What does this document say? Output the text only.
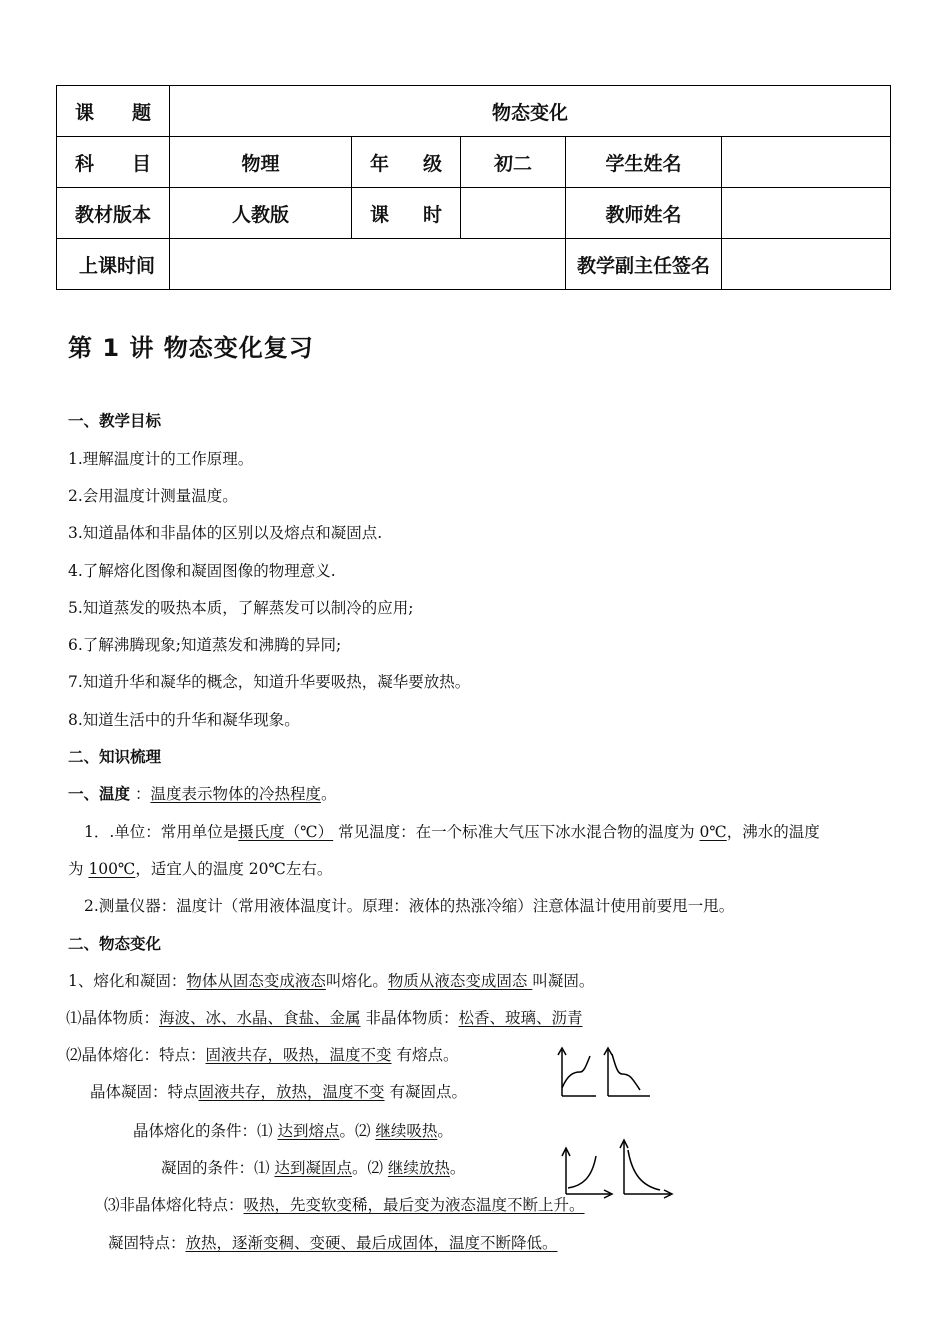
课 题	物态变化				
科 目	物理	年 级	初二	学生姓名	
教材版本	人教版	课 时		教师姓名	
上课时间				教学副主任签名	
第 1 讲 物态变化复习
一、教学目标
1.理解温度计的工作原理。
2.会用温度计测量温度。
3.知道晶体和非晶体的区别以及熔点和凝固点.
4.了解熔化图像和凝固图像的物理意义.
5.知道蒸发的吸热本质，了解蒸发可以制冷的应用;
6.了解沸腾现象;知道蒸发和沸腾的异同;
7.知道升华和凝华的概念，知道升华要吸热，凝华要放热。
8.知道生活中的升华和凝华现象。
二、知识梳理
一、温度 ：温度表示物体的冷热程度。
1．.单位：常用单位是摄氏度（℃） 常见温度：在一个标准大气压下冰水混合物的温度为 0℃，沸水的温度
为 100℃，适宜人的温度 20℃左右。
2.测量仪器：温度计（常用液体温度计。原理：液体的热涨冷缩）注意体温计使用前要甩一甩。
二、物态变化
1、熔化和凝固：物体从固态变成液态叫熔化。物质从液态变成固态 叫凝固。
⑴晶体物质：海波、冰、水晶、食盐、金属 非晶体物质：松香、玻璃、沥青
⑵晶体熔化：特点：固液共存，吸热，温度不变 有熔点。
晶体凝固：特点固液共存，放热，温度不变 有凝固点。
晶体熔化的条件：⑴ 达到熔点。⑵ 继续吸热。
凝固的条件：⑴ 达到凝固点。⑵ 继续放热。
⑶非晶体熔化特点：吸热，先变软变稀，最后变为液态温度不断上升。
凝固特点：放热，逐渐变稠、变硬、最后成固体，温度不断降低。
